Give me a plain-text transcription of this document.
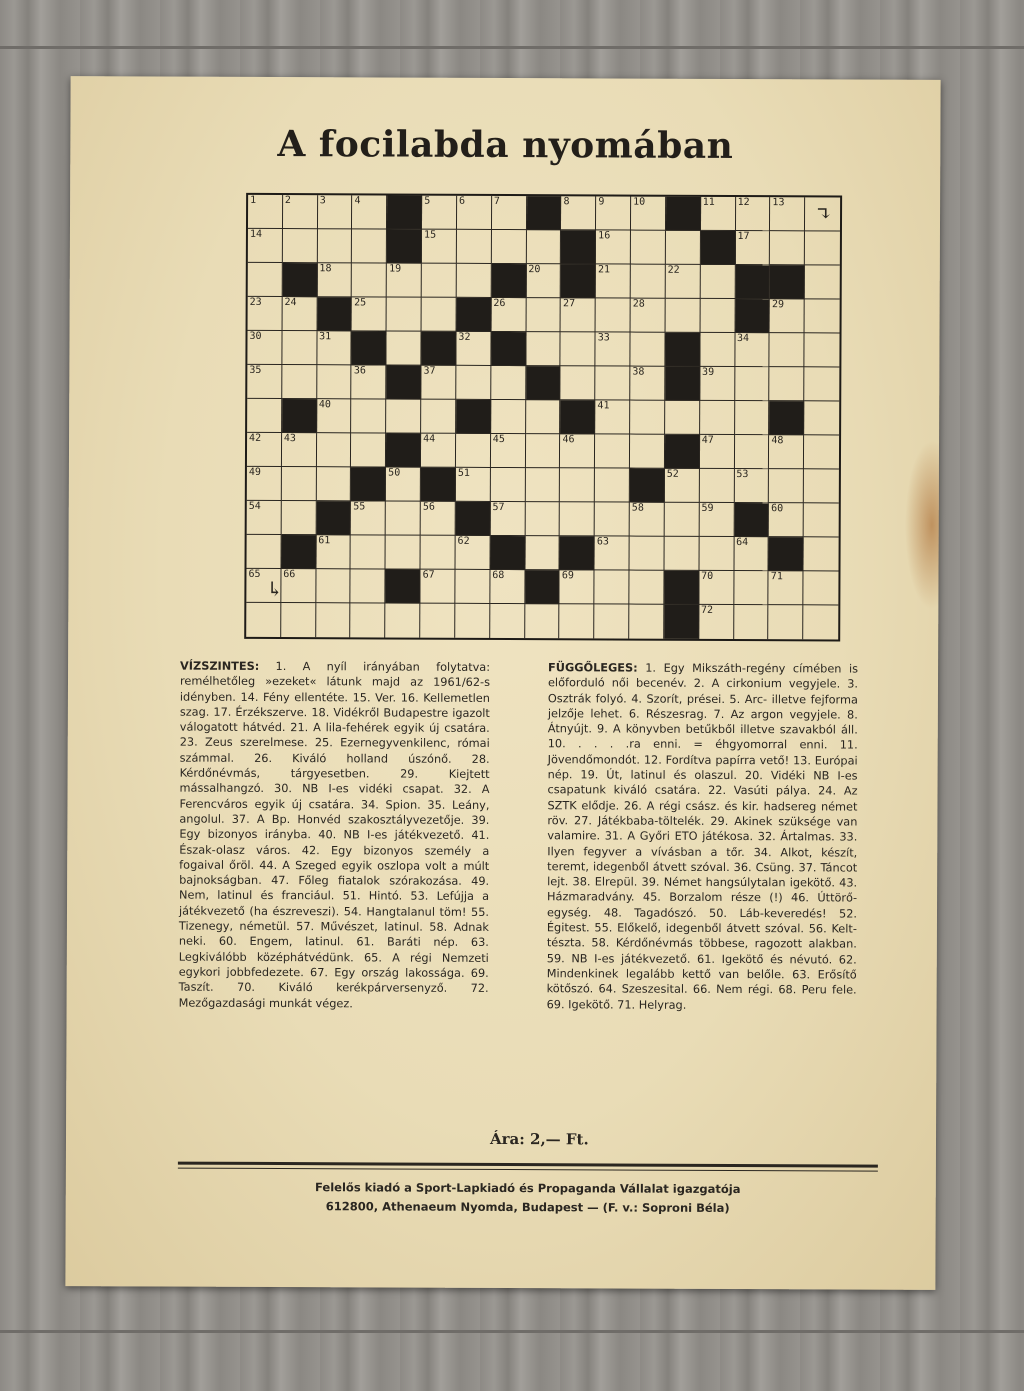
A focilabda nyomában
1	2	3	4	5	6	7	8	9	10	11 12 13 ↴
14	15	16	17
18	19	20	21	22
23 24	25	26	27	28	29
30	31	32	33	34
35	36	37	38	39
40	41
42 43	44	45	46	47	48
49	50	51	52	53
54	55	56	57	58	59	60
61	62	63	64
65
↳
66	67	68	69	70	71
72
VÍZSZINTES: 1. A nyíl irányában folytatva: remélhetőleg »ezeket« látunk majd az 1961/62-s idényben. 14. Fény ellentéte. 15. Ver. 16. Kellemetlen szag. 17. Érzékszerve. 18. Vidékről Budapestre igazolt válogatott hátvéd. 21. A lila-fehérek egyik új csatára. 23. Zeus szerelmese. 25. Ezernegyvenkilenc, római számmal. 26. Kiváló holland úszónő. 28. Kérdőnévmás, tárgyesetben. 29. Kiejtett mássalhangzó. 30. NB I-es vidéki csapat. 32. A Ferencváros egyik új csatára. 34. Spion. 35. Leány, angolul. 37. A Bp. Honvéd szakosztályvezetője. 39. Egy bizonyos irányba. 40. NB I-es játékvezető. 41. Észak-olasz város. 42. Egy bizonyos személy a fogaival őröl. 44. A Szeged egyik oszlopa volt a múlt bajnokságban. 47. Főleg fiatalok szórakozása. 49. Nem, latinul és franciául. 51. Hintó. 53. Lefújja a játékvezető (ha észreveszi). 54. Hangtalanul töm! 55. Tizenegy, németül. 57. Művészet, latinul. 58. Adnak neki. 60. Engem, latinul. 61. Baráti nép. 63. Legkiválóbb középhátvédünk. 65. A régi Nemzeti egykori jobbfedezete. 67. Egy ország lakossága. 69. Taszít. 70. Kiváló kerékpárversenyző. 72. Mezőgazdasági munkát végez.
FÜGGŐLEGES: 1. Egy Mikszáth-regény címében is előforduló női becenév. 2. A cirkonium vegyjele. 3. Osztrák folyó. 4. Szorít, prései. 5. Arc- illetve fejforma jelzője lehet. 6. Részesrag. 7. Az argon vegyjele. 8. Átnyújt. 9. A könyvben betűkből illetve szavakból áll. 10. . . . .ra enni. = éhgyomorral enni. 11. Jövendőmondót. 12. Fordítva papírra vető! 13. Európai nép. 19. Út, latinul és olaszul. 20. Vidéki NB I-es csapatunk kiváló csatára. 22. Vasúti pálya. 24. Az SZTK elődje. 26. A régi csász. és kir. hadsereg német röv. 27. Játékbaba-töltelék. 29. Akinek szüksége van valamire. 31. A Győri ETO játékosa. 32. Ártalmas. 33. Ilyen fegyver a vívásban a tőr. 34. Alkot, készít, teremt, idegenből átvett szóval. 36. Csüng. 37. Táncot lejt. 38. Elrepül. 39. Német hangsúlytalan igekötő. 43. Házmaradvány. 45. Borzalom része (!) 46. Úttörő-egység. 48. Tagadószó. 50. Láb-keveredés! 52. Égitest. 55. Előkelő, idegenből átvett szóval. 56. Kelt-tészta. 58. Kérdőnévmás többese, ragozott alakban. 59. NB I-es játékvezető. 61. Igekötő és névutó. 62. Mindenkinek legalább kettő van belőle. 63. Erősítő kötőszó. 64. Szeszesital. 66. Nem régi. 68. Peru fele. 69. Igekötő. 71. Helyrag.
Ára: 2,— Ft.
Felelős kiadó a Sport-Lapkiadó és Propaganda Vállalat igazgatója
612800, Athenaeum Nyomda, Budapest — (F. v.: Soproni Béla)
